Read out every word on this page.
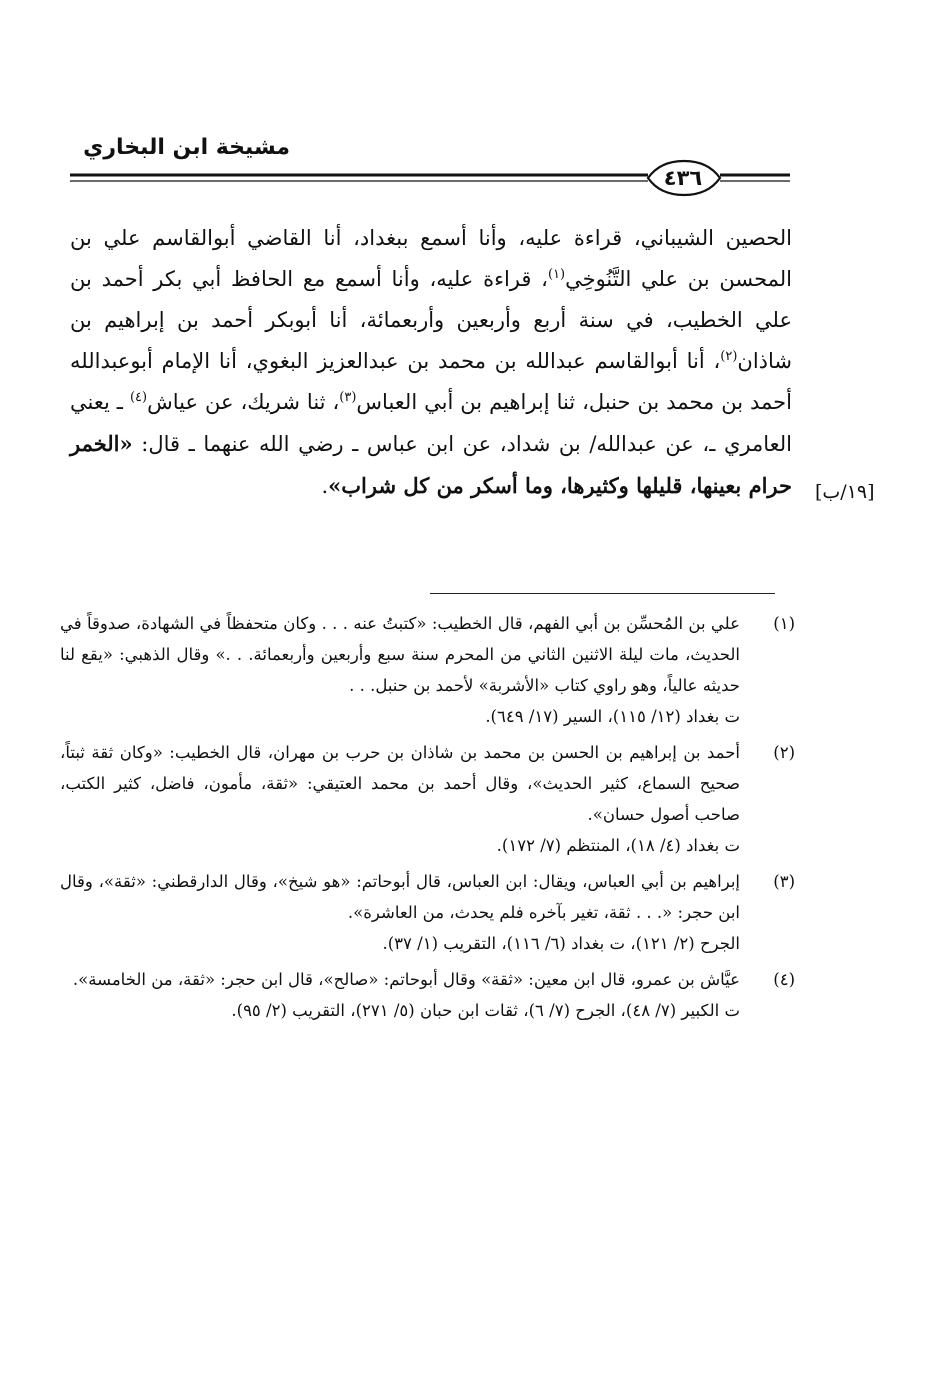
مشيخة ابن البخاري
٤٣٦

الحصين الشيباني، قراءة عليه، وأنا أسمع ببغداد، أنا القاضي أبوالقاسم علي بن المحسن بن علي التَّنُوخِي$^{(١)}$، قراءة عليه، وأنا أسمع مع الحافظ أبي بكر أحمد بن علي الخطيب، في سنة أربع وأربعين وأربعمائة، أنا أبوبكر أحمد بن إبراهيم بن شاذان$^{(٢)}$، أنا أبوالقاسم عبدالله بن محمد بن عبدالعزيز البغوي، أنا الإمام أبوعبدالله أحمد بن محمد بن حنبل، ثنا إبراهيم بن أبي العباس$^{(٣)}$، ثنا شريك، عن عياش$^{(٤)}$ ـ يعني العامري ـ، عن عبدالله/ بن شداد، عن ابن عباس ـ رضي الله عنهما ـ قال: «الخمر حرام بعينها، قليلها وكثيرها، وما أسكر من كل شراب».	[١٩/ب]
(١)

علي بن المُحسِّن بن أبي الفهم، قال الخطيب: «كتبتُ عنه . . . وكان متحفظاً في الشهادة، صدوقاً في الحديث، مات ليلة الاثنين الثاني من المحرم سنة سبع وأربعين وأربعمائة. . .» وقال الذهبي: «يقع لنا حديثه عالياً، وهو راوي كتاب «الأشربة» لأحمد بن حنبل. . .

ت بغداد (١٢/ ١١٥)، السير (١٧/ ٦٤٩).

(٢)

أحمد بن إبراهيم بن الحسن بن محمد بن شاذان بن حرب بن مهران، قال الخطيب: «وكان ثقة ثبتاً، صحيح السماع، كثير الحديث»، وقال أحمد بن محمد العتيقي: «ثقة، مأمون، فاضل، كثير الكتب، صاحب أصول حسان».

ت بغداد (٤/ ١٨)، المنتظم (٧/ ١٧٢).

(٣)

إبراهيم بن أبي العباس، ويقال: ابن العباس، قال أبوحاتم: «هو شيخ»، وقال الدارقطني: «ثقة»، وقال ابن حجر: «. . . ثقة، تغير بآخره فلم يحدث، من العاشرة».

الجرح (٢/ ١٢١)، ت بغداد (٦/ ١١٦)، التقريب (١/ ٣٧).

(٤)

عيَّاش بن عمرو، قال ابن معين: «ثقة» وقال أبوحاتم: «صالح»، قال ابن حجر: «ثقة، من الخامسة».

ت الكبير (٧/ ٤٨)، الجرح (٧/ ٦)، ثقات ابن حبان (٥/ ٢٧١)، التقريب (٢/ ٩٥).
